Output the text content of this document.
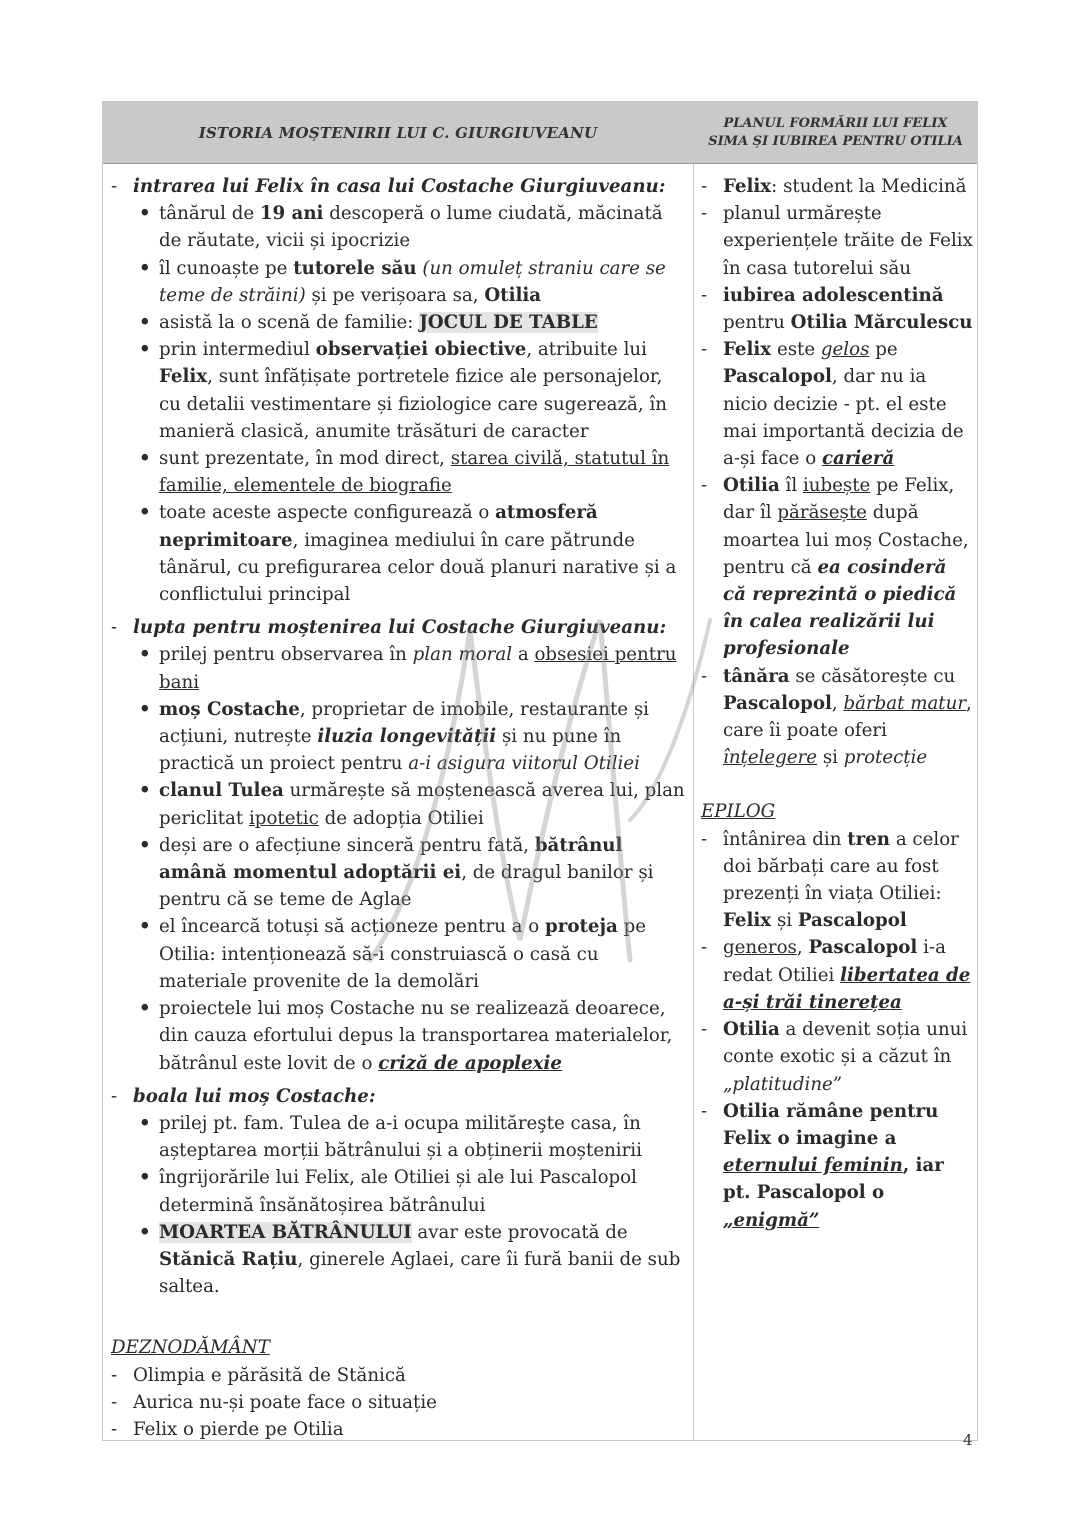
ISTORIA MOȘTENIRII LUI C. GIURGIUVEANU
PLANUL FORMĂRII LUI FELIX
SIMA ȘI IUBIREA PENTRU OTILIA
- intrarea lui Felix în casa lui Costache Giurgiuveanu:
• tânărul de 19 ani descoperă o lume ciudată, măcinată de răutate, vicii și ipocrizie
• îl cunoaște pe tutorele său (un omuleț straniu care se teme de străini) și pe verișoara sa, Otilia
• asistă la o scenă de familie: JOCUL DE TABLE
• prin intermediul observației obiective, atribuite lui Felix, sunt înfățișate portretele fizice ale personajelor, cu detalii vestimentare și fiziologice care sugerează, în manieră clasică, anumite trăsături de caracter
• sunt prezentate, în mod direct, starea civilă, statutul în familie, elementele de biografie
• toate aceste aspecte configurează o atmosferă neprimitoare, imaginea mediului în care pătrunde tânărul, cu prefigurarea celor două planuri narative și a conflictului principal
- lupta pentru moștenirea lui Costache Giurgiuveanu:
• prilej pentru observarea în plan moral a obsesiei pentru bani
• moș Costache, proprietar de imobile, restaurante și acțiuni, nutrește iluzia longevității și nu pune în practică un proiect pentru a-i asigura viitorul Otiliei
• clanul Tulea urmărește să moștenească averea lui, plan periclitat ipotetic de adopția Otiliei
• deși are o afecțiune sinceră pentru fată, bătrânul amână momentul adoptării ei, de dragul banilor și pentru că se teme de Aglae
• el încearcă totuși să acționeze pentru a o proteja pe Otilia: intenționează să-i construiască o casă cu materiale provenite de la demolări
• proiectele lui moș Costache nu se realizează deoarece, din cauza efortului depus la transportarea materialelor, bătrânul este lovit de o criză de apoplexie
- boala lui moș Costache:
• prilej pt. fam. Tulea de a-i ocupa milităreşte casa, în așteptarea morții bătrânului și a obținerii moștenirii
• îngrijorările lui Felix, ale Otiliei și ale lui Pascalopol determină însănătoșirea bătrânului
• MOARTEA BĂTRÂNULUI avar este provocată de Stănică Rațiu, ginerele Aglaei, care îi fură banii de sub saltea.

DEZNODĂMÂNT

- Olimpia e părăsită de Stănică
- Aurica nu-și poate face o situație
- Felix o pierde pe Otilia
- Felix: student la Medicină
- planul urmărește experiențele trăite de Felix în casa tutorelui său
- iubirea adolescentină pentru Otilia Mărculescu
- Felix este gelos pe Pascalopol, dar nu ia nicio decizie - pt. el este mai importantă decizia de a-și face o carieră
- Otilia îl iubește pe Felix, dar îl părăsește după moartea lui moș Costache, pentru că ea cosinderă că reprezintă o piedică în calea realizării lui profesionale
- tânăra se căsătorește cu Pascalopol, bărbat matur, care îi poate oferi înțelegere și protecție

EPILOG

- întânirea din tren a celor doi bărbați care au fost prezenți în viața Otiliei: Felix și Pascalopol
- generos, Pascalopol i-a redat Otiliei libertatea de a-și trăi tinerețea
- Otilia a devenit soția unui conte exotic și a căzut în „platitudine”
- Otilia rămâne pentru Felix o imagine a eternului feminin, iar pt. Pascalopol o „enigmă”
4
